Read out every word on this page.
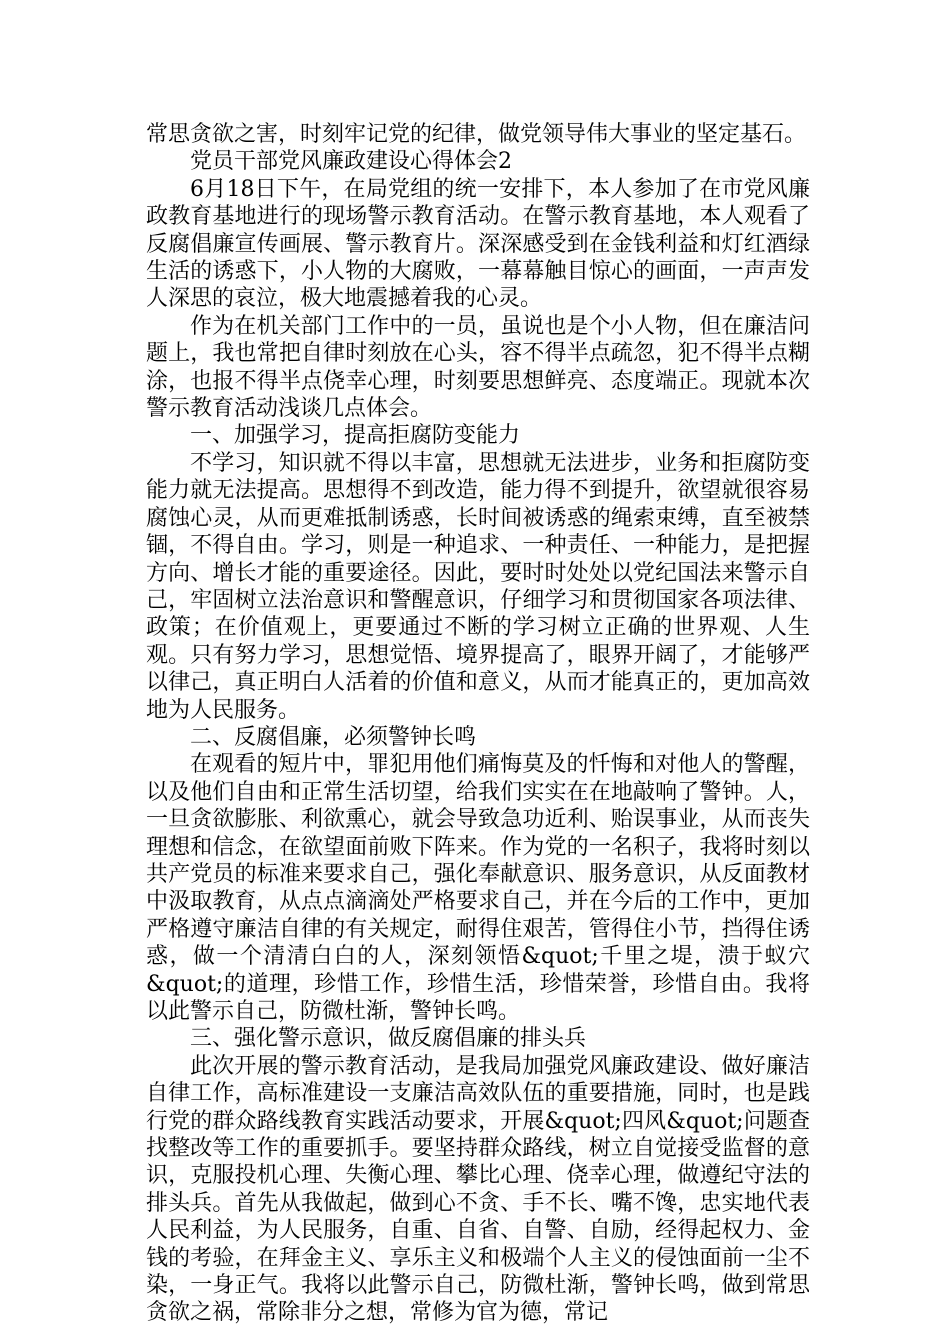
常思贪欲之害，时刻牢记党的纪律，做党领导伟大事业的坚定基石。

党员干部党风廉政建设心得体会2

6月18日下午，在局党组的统一安排下，本人参加了在市党风廉政教育基地进行的现场警示教育活动。在警示教育基地，本人观看了反腐倡廉宣传画展、警示教育片。深深感受到在金钱利益和灯红酒绿生活的诱惑下，小人物的大腐败，一幕幕触目惊心的画面，一声声发人深思的哀泣，极大地震撼着我的心灵。

作为在机关部门工作中的一员，虽说也是个小人物，但在廉洁问题上，我也常把自律时刻放在心头，容不得半点疏忽，犯不得半点糊涂，也报不得半点侥幸心理，时刻要思想鲜亮、态度端正。现就本次警示教育活动浅谈几点体会。

一、加强学习，提高拒腐防变能力

不学习，知识就不得以丰富，思想就无法进步，业务和拒腐防变能力就无法提高。思想得不到改造，能力得不到提升，欲望就很容易腐蚀心灵，从而更难抵制诱惑，长时间被诱惑的绳索束缚，直至被禁锢，不得自由。学习，则是一种追求、一种责任、一种能力，是把握方向、增长才能的重要途径。因此，要时时处处以党纪国法来警示自己，牢固树立法治意识和警醒意识，仔细学习和贯彻国家各项法律、政策；在价值观上，更要通过不断的学习树立正确的世界观、人生观。只有努力学习，思想觉悟、境界提高了，眼界开阔了，才能够严以律己，真正明白人活着的价值和意义，从而才能真正的，更加高效地为人民服务。

二、反腐倡廉，必须警钟长鸣

在观看的短片中，罪犯用他们痛悔莫及的忏悔和对他人的警醒，以及他们自由和正常生活切望，给我们实实在在地敲响了警钟。人，一旦贪欲膨胀、利欲熏心，就会导致急功近利、贻误事业，从而丧失理想和信念，在欲望面前败下阵来。作为党的一名积子，我将时刻以共产党员的标准来要求自己，强化奉献意识、服务意识，从反面教材中汲取教育，从点点滴滴处严格要求自己，并在今后的工作中，更加严格遵守廉洁自律的有关规定，耐得住艰苦，管得住小节，挡得住诱惑，做一个清清白白的人，深刻领悟&quot;千里之堤，溃于蚁穴&quot;的道理，珍惜工作，珍惜生活，珍惜荣誉，珍惜自由。我将以此警示自己，防微杜渐，警钟长鸣。

三、强化警示意识，做反腐倡廉的排头兵

此次开展的警示教育活动，是我局加强党风廉政建设、做好廉洁自律工作，高标准建设一支廉洁高效队伍的重要措施，同时，也是践行党的群众路线教育实践活动要求，开展&quot;四风&quot;问题查找整改等工作的重要抓手。要坚持群众路线，树立自觉接受监督的意识，克服投机心理、失衡心理、攀比心理、侥幸心理，做遵纪守法的排头兵。首先从我做起，做到心不贪、手不长、嘴不馋，忠实地代表人民利益，为人民服务，自重、自省、自警、自励，经得起权力、金钱的考验，在拜金主义、享乐主义和极端个人主义的侵蚀面前一尘不染，一身正气。我将以此警示自己，防微杜渐，警钟长鸣，做到常思贪欲之祸，常除非分之想，常修为官为德，常记
